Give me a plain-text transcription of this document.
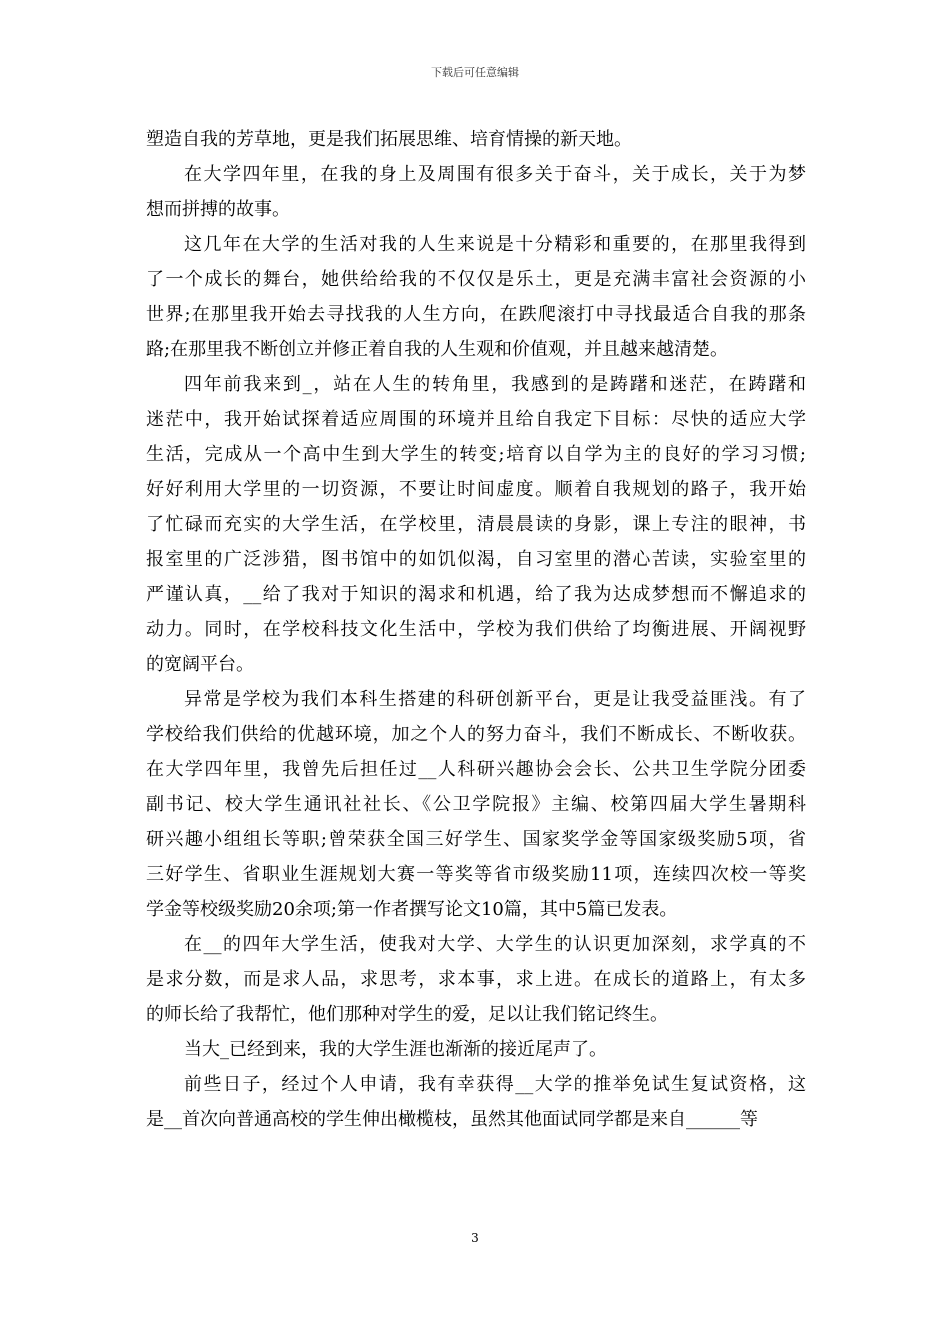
下载后可任意编辑
塑造自我的芳草地，更是我们拓展思维、培育情操的新天地。
在大学四年里，在我的身上及周围有很多关于奋斗，关于成长，关于为梦
想而拼搏的故事。
这几年在大学的生活对我的人生来说是十分精彩和重要的，在那里我得到
了一个成长的舞台，她供给给我的不仅仅是乐土，更是充满丰富社会资源的小
世界;在那里我开始去寻找我的人生方向，在跌爬滚打中寻找最适合自我的那条
路;在那里我不断创立并修正着自我的人生观和价值观，并且越来越清楚。
四年前我来到_，站在人生的转角里，我感到的是踌躇和迷茫，在踌躇和
迷茫中，我开始试探着适应周围的环境并且给自我定下目标：尽快的适应大学
生活，完成从一个高中生到大学生的转变;培育以自学为主的良好的学习习惯;
好好利用大学里的一切资源，不要让时间虚度。顺着自我规划的路子，我开始
了忙碌而充实的大学生活，在学校里，清晨晨读的身影，课上专注的眼神，书
报室里的广泛涉猎，图书馆中的如饥似渴，自习室里的潜心苦读，实验室里的
严谨认真，__给了我对于知识的渴求和机遇，给了我为达成梦想而不懈追求的
动力。同时，在学校科技文化生活中，学校为我们供给了均衡进展、开阔视野
的宽阔平台。
异常是学校为我们本科生搭建的科研创新平台，更是让我受益匪浅。有了
学校给我们供给的优越环境，加之个人的努力奋斗，我们不断成长、不断收获。
在大学四年里，我曾先后担任过__人科研兴趣协会会长、公共卫生学院分团委
副书记、校大学生通讯社社长、《公卫学院报》主编、校第四届大学生暑期科
研兴趣小组组长等职;曾荣获全国三好学生、国家奖学金等国家级奖励5项，省
三好学生、省职业生涯规划大赛一等奖等省市级奖励11项，连续四次校一等奖
学金等校级奖励20余项;第一作者撰写论文10篇，其中5篇已发表。
在__的四年大学生活，使我对大学、大学生的认识更加深刻，求学真的不
是求分数，而是求人品，求思考，求本事，求上进。在成长的道路上，有太多
的师长给了我帮忙，他们那种对学生的爱，足以让我们铭记终生。
当大_已经到来，我的大学生涯也渐渐的接近尾声了。
前些日子，经过个人申请，我有幸获得__大学的推举免试生复试资格，这
是__首次向普通高校的学生伸出橄榄枝，虽然其他面试同学都是来自______等
3
